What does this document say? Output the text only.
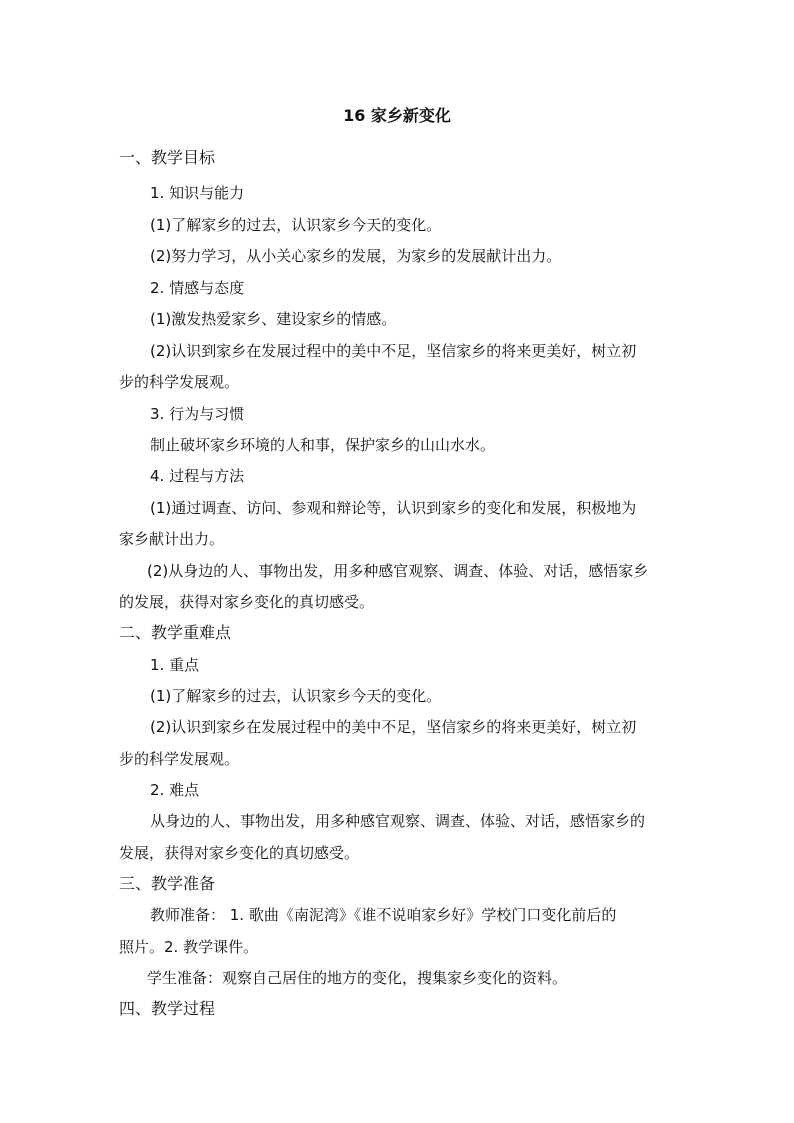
16 家乡新变化
一、教学目标
1. 知识与能力
(1)了解家乡的过去，认识家乡今天的变化。
(2)努力学习，从小关心家乡的发展，为家乡的发展献计出力。
2. 情感与态度
(1)激发热爱家乡、建设家乡的情感。
(2)认识到家乡在发展过程中的美中不足，坚信家乡的将来更美好，树立初
步的科学发展观。
3. 行为与习惯
制止破坏家乡环境的人和事，保护家乡的山山水水。
4. 过程与方法
(1)通过调查、访问、参观和辩论等，认识到家乡的变化和发展，积极地为
家乡献计出力。
(2)从身边的人、事物出发，用多种感官观察、调查、体验、对话，感悟家乡
的发展，获得对家乡变化的真切感受。
二、教学重难点
1. 重点
(1)了解家乡的过去，认识家乡今天的变化。
(2)认识到家乡在发展过程中的美中不足，坚信家乡的将来更美好，树立初
步的科学发展观。
2. 难点
从身边的人、事物出发，用多种感官观察、调查、体验、对话，感悟家乡的
发展，获得对家乡变化的真切感受。
三、教学准备
教师准备： 1. 歌曲《南泥湾》《谁不说咱家乡好》学校门口变化前后的
照片。2. 教学课件。
学生准备：观察自己居住的地方的变化，搜集家乡变化的资料。
四、教学过程
